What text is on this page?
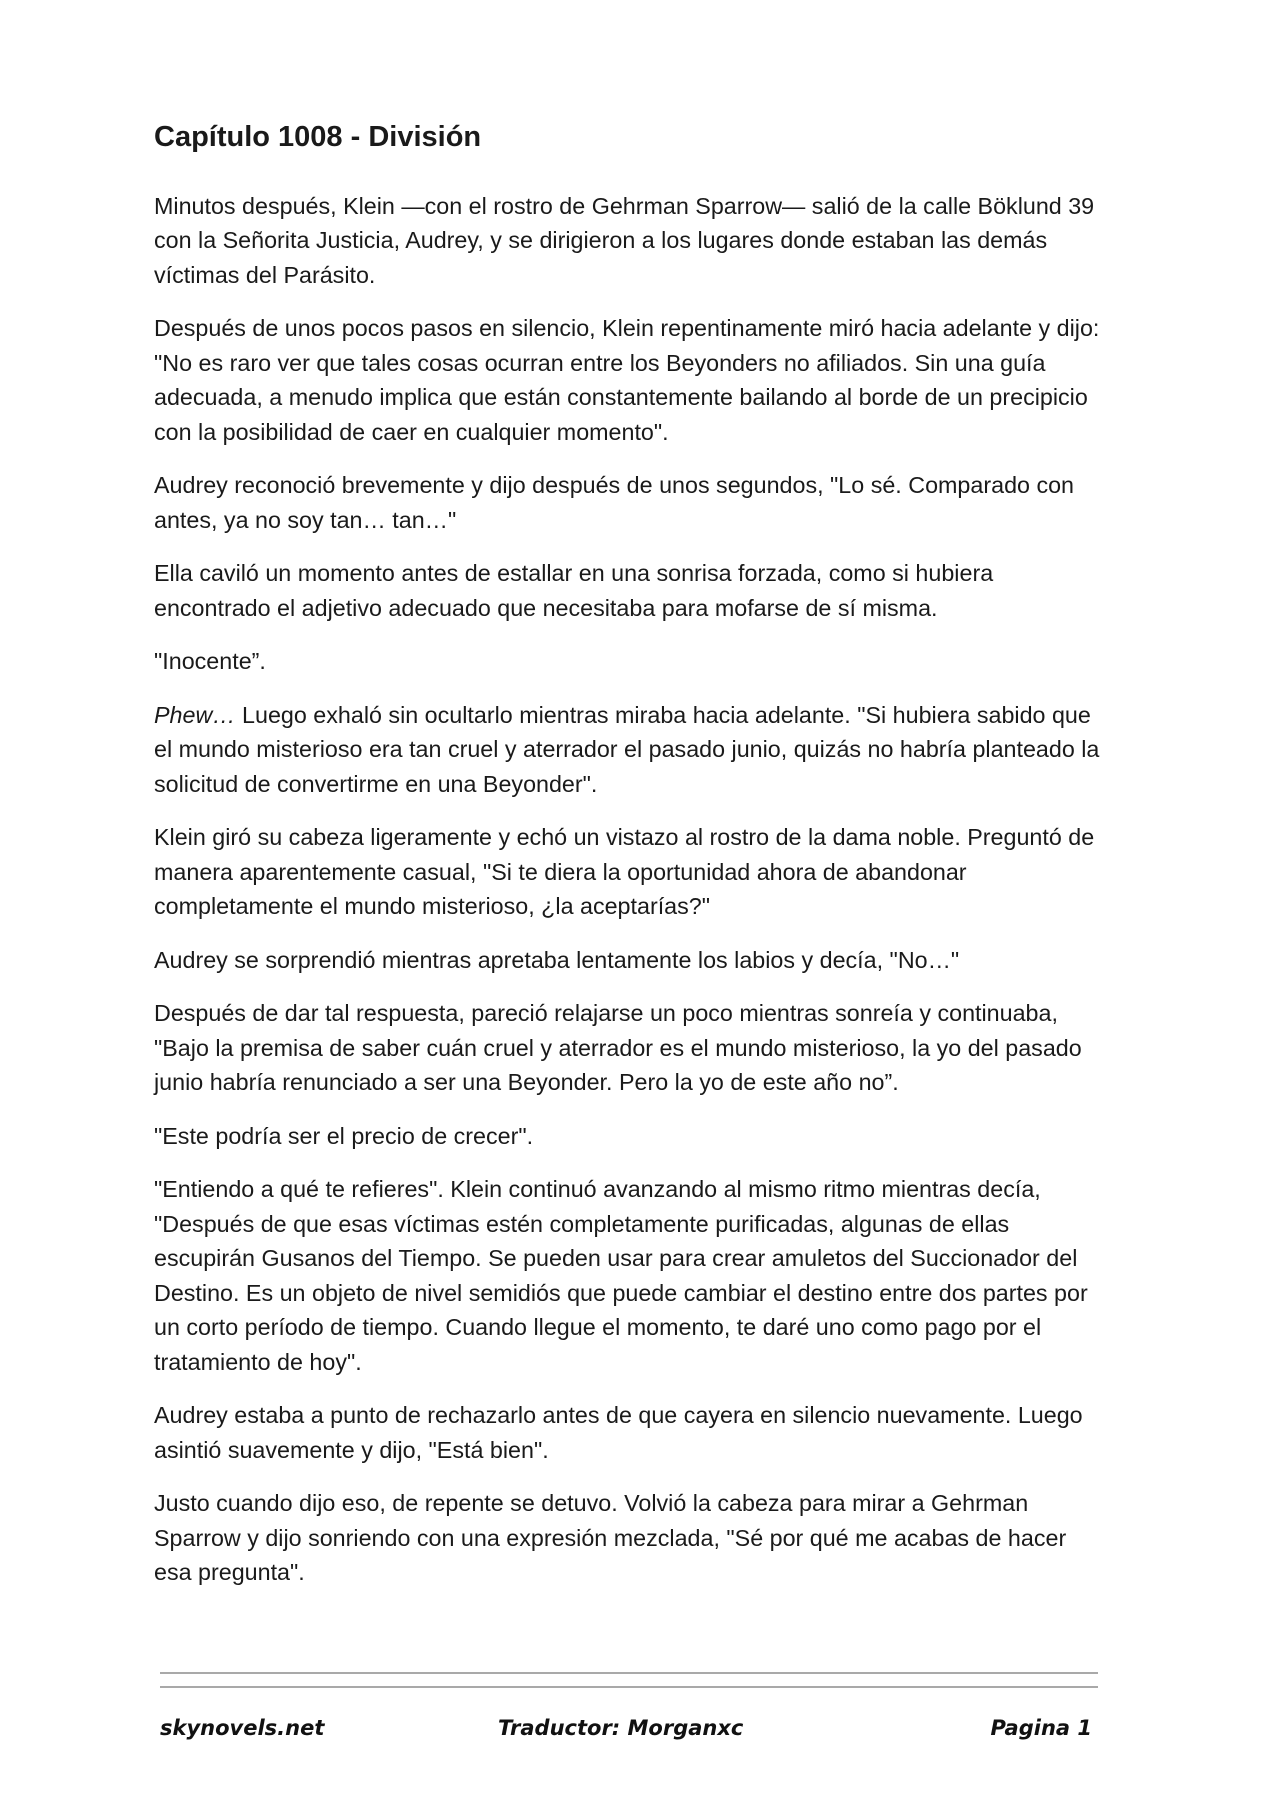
Capítulo 1008 - División

Minutos después, Klein —con el rostro de Gehrman Sparrow— salió de la calle Böklund 39 con la Señorita Justicia, Audrey, y se dirigieron a los lugares donde estaban las demás víctimas del Parásito.

Después de unos pocos pasos en silencio, Klein repentinamente miró hacia adelante y dijo: "No es raro ver que tales cosas ocurran entre los Beyonders no afiliados. Sin una guía adecuada, a menudo implica que están constantemente bailando al borde de un precipicio con la posibilidad de caer en cualquier momento".

Audrey reconoció brevemente y dijo después de unos segundos, "Lo sé. Comparado con antes, ya no soy tan… tan…"

Ella caviló un momento antes de estallar en una sonrisa forzada, como si hubiera encontrado el adjetivo adecuado que necesitaba para mofarse de sí misma.

"Inocente”.

Phew… Luego exhaló sin ocultarlo mientras miraba hacia adelante. "Si hubiera sabido que el mundo misterioso era tan cruel y aterrador el pasado junio, quizás no habría planteado la solicitud de convertirme en una Beyonder".

Klein giró su cabeza ligeramente y echó un vistazo al rostro de la dama noble. Preguntó de manera aparentemente casual, "Si te diera la oportunidad ahora de abandonar completamente el mundo misterioso, ¿la aceptarías?"

Audrey se sorprendió mientras apretaba lentamente los labios y decía, "No…"

Después de dar tal respuesta, pareció relajarse un poco mientras sonreía y continuaba, "Bajo la premisa de saber cuán cruel y aterrador es el mundo misterioso, la yo del pasado junio habría renunciado a ser una Beyonder. Pero la yo de este año no”.

"Este podría ser el precio de crecer".

"Entiendo a qué te refieres". Klein continuó avanzando al mismo ritmo mientras decía, "Después de que esas víctimas estén completamente purificadas, algunas de ellas escupirán Gusanos del Tiempo. Se pueden usar para crear amuletos del Succionador del Destino. Es un objeto de nivel semidiós que puede cambiar el destino entre dos partes por un corto período de tiempo. Cuando llegue el momento, te daré uno como pago por el tratamiento de hoy".

Audrey estaba a punto de rechazarlo antes de que cayera en silencio nuevamente. Luego asintió suavemente y dijo, "Está bien".

Justo cuando dijo eso, de repente se detuvo. Volvió la cabeza para mirar a Gehrman Sparrow y dijo sonriendo con una expresión mezclada, "Sé por qué me acabas de hacer esa pregunta".

skynovels.net	Traductor: Morganxc	Pagina 1
